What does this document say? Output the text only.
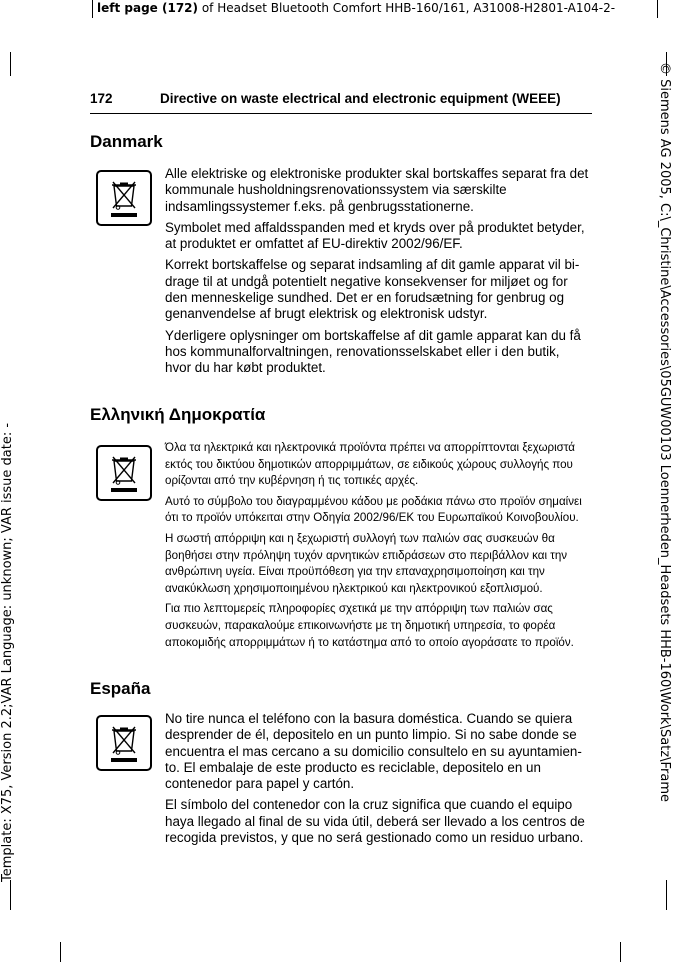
left page (172) of Headset Bluetooth Comfort HHB-160/161, A31008-H2801-A104-2-
Template: X75, Version 2.2;VAR Language: unknown; VAR issue date: -	© Siemens AG 2005, C:\_Christine\Accessories\05GUW00103 Loennerheden_Headsets HHB-160\Work\Satz\Frame
172	Directive on waste electrical and electronic equipment (WEEE)
Danmark

Alle elektriske og elektroniske produkter skal bortskaffes separat fra det kommunale husholdningsrenovationssystem via særskilte indsamlingssystemer f.eks. på genbrugsstationerne.

Symbolet med affaldsspanden med et kryds over på produktet betyder, at produktet er omfattet af EU-direktiv 2002/96/EF.

Korrekt bortskaffelse og separat indsamling af dit gamle apparat vil bi-drage til at undgå potentielt negative konsekvenser for miljøet og for den menneskelige sundhed. Det er en forudsætning for genbrug og genanvendelse af brugt elektrisk og elektronisk udstyr.

Yderligere oplysninger om bortskaffelse af dit gamle apparat kan du få hos kommunalforvaltningen, renovationsselskabet eller i den butik, hvor du har købt produktet.

Ελληνική Δημοκρατία

Όλα τα ηλεκτρικά και ηλεκτρονικά προϊόντα πρέπει να απορρίπτονται ξεχωριστά εκτός του δικτύου δημοτικών απορριμμάτων, σε ειδικούς χώρους συλλογής που ορίζονται από την κυβέρνηση ή τις τοπικές αρχές.

Αυτό το σύμβολο του διαγραμμένου κάδου με ροδάκια πάνω στο προϊόν σημαίνει ότι το προϊόν υπόκειται στην Οδηγία 2002/96/ΕΚ του Ευρωπαϊκού Κοινοβουλίου.

Η σωστή απόρριψη και η ξεχωριστή συλλογή των παλιών σας συσκευών θα βοηθήσει στην πρόληψη τυχόν αρνητικών επιδράσεων στο περιβάλλον και την ανθρώπινη υγεία. Είναι προϋπόθεση για την επαναχρησιμοποίηση και την ανακύκλωση χρησιμοποιημένου ηλεκτρικού και ηλεκτρονικού εξοπλισμού.

Για πιο λεπτομερείς πληροφορίες σχετικά με την απόρριψη των παλιών σας συσκευών, παρακαλούμε επικοινωνήστε με τη δημοτική υπηρεσία, το φορέα αποκομιδής απορριμμάτων ή το κατάστημα από το οποίο αγοράσατε το προϊόν.

España

No tire nunca el teléfono con la basura doméstica. Cuando se quiera desprender de él, depositelo en un punto limpio. Si no sabe donde se encuentra el mas cercano a su domicilio consultelo en su ayuntamien-to. El embalaje de este producto es reciclable, depositelo en un contenedor para papel y cartón.

El símbolo del contenedor con la cruz significa que cuando el equipo haya llegado al final de su vida útil, deberá ser llevado a los centros de recogida previstos, y que no será gestionado como un residuo urbano.
